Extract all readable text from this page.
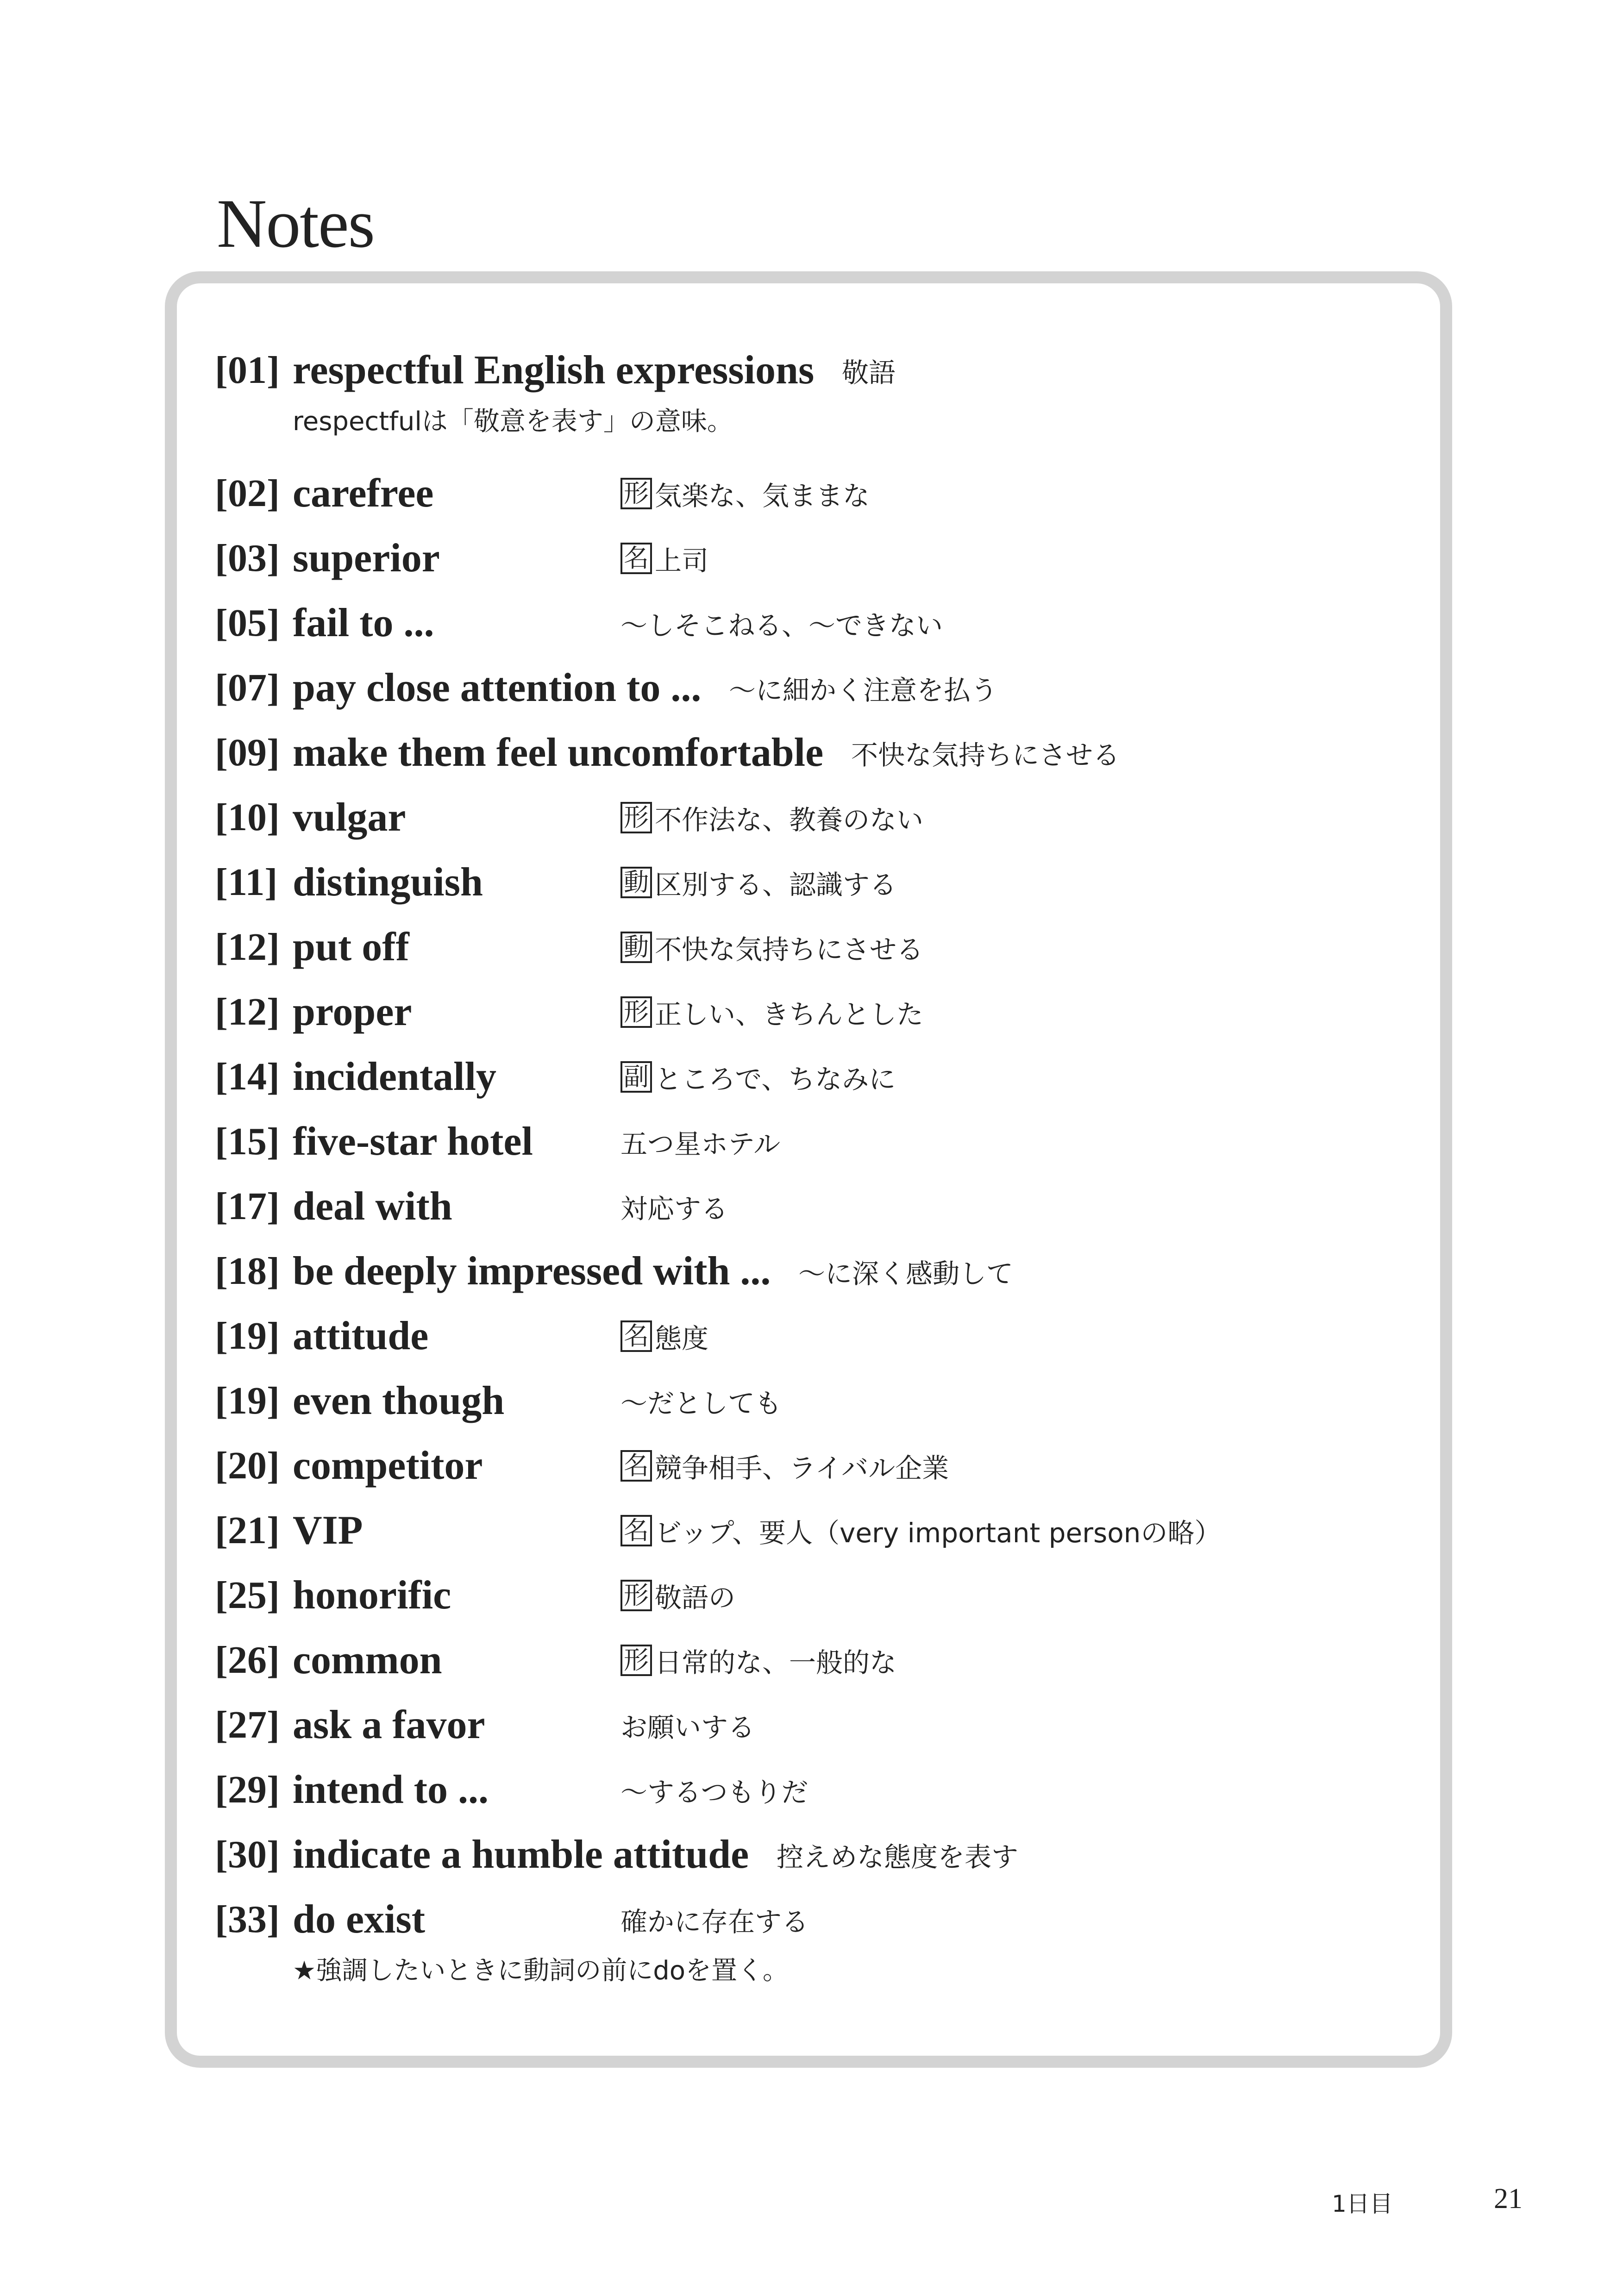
Notes
[01] respectful English expressions 敬語
respectfulは「敬意を表す」の意味。
[02] carefree	形 気楽な、気ままな
[03] superior	名 上司
[05] fail to ...	〜しそこねる、〜できない
[07] pay close attention to ... 〜に細かく注意を払う
[09] make them feel uncomfortable 不快な気持ちにさせる
[10] vulgar	形 不作法な、教養のない
[11] distinguish	動 区別する、認識する
[12] put off	動 不快な気持ちにさせる
[12] proper	形 正しい、きちんとした
[14] incidentally	副 ところで、ちなみに
[15] five-star hotel	五つ星ホテル
[17] deal with	対応する
[18] be deeply impressed with ... 〜に深く感動して
[19] attitude	名 態度
[19] even though	〜だとしても
[20] competitor	名 競争相手、ライバル企業
[21] VIP	名 ビップ、要人（very important personの略）
[25] honorific	形 敬語の
[26] common	形 日常的な、一般的な
[27] ask a favor	お願いする
[29] intend to ...	〜するつもりだ
[30] indicate a humble attitude 控えめな態度を表す
[33] do exist	確かに存在する
★強調したいときに動詞の前にdoを置く。
1日目	21
